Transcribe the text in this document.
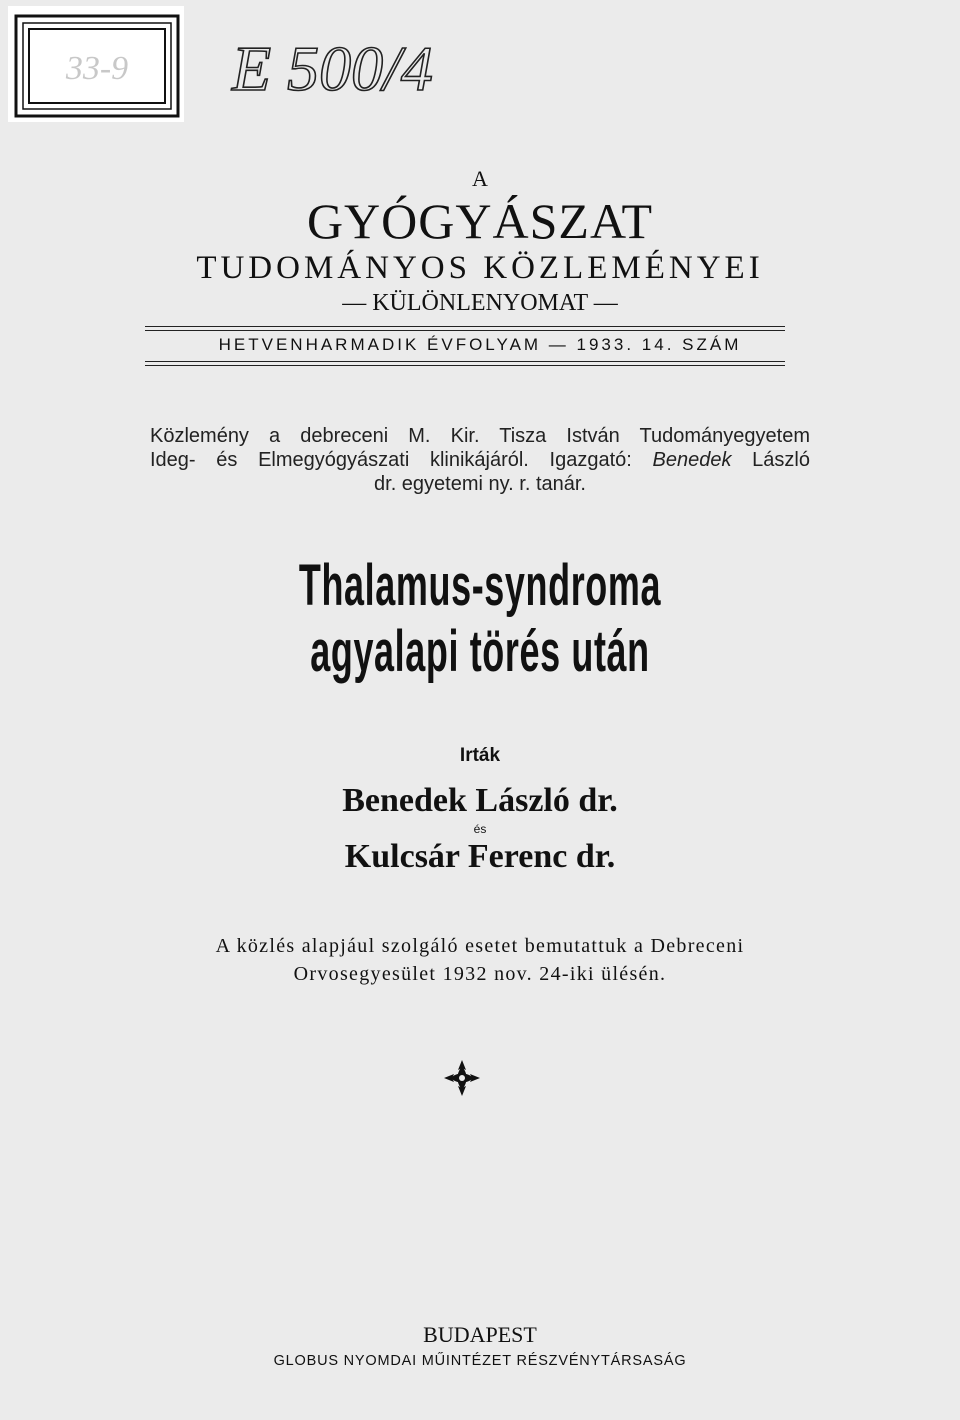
33-9 E 500/4
A
GYÓGYÁSZAT
TUDOMÁNYOS KÖZLEMÉNYEI
— KÜLÖNLENYOMAT —
HETVENHARMADIK ÉVFOLYAM — 1933. 14. SZÁM
Közlemény a debreceni M. Kir. Tisza István Tudományegyetem
Ideg- és Elmegyógyászati klinikájáról. Igazgató: Benedek László
dr. egyetemi ny. r. tanár.
Thalamus-syndroma
agyalapi törés után
Irták
Benedek László dr.
és
Kulcsár Ferenc dr.
A közlés alapjául szolgáló esetet bemutattuk a Debreceni
Orvosegyesület 1932 nov. 24-iki ülésén.
BUDAPEST
GLOBUS NYOMDAI MŰINTÉZET RÉSZVÉNYTÁRSASÁG
